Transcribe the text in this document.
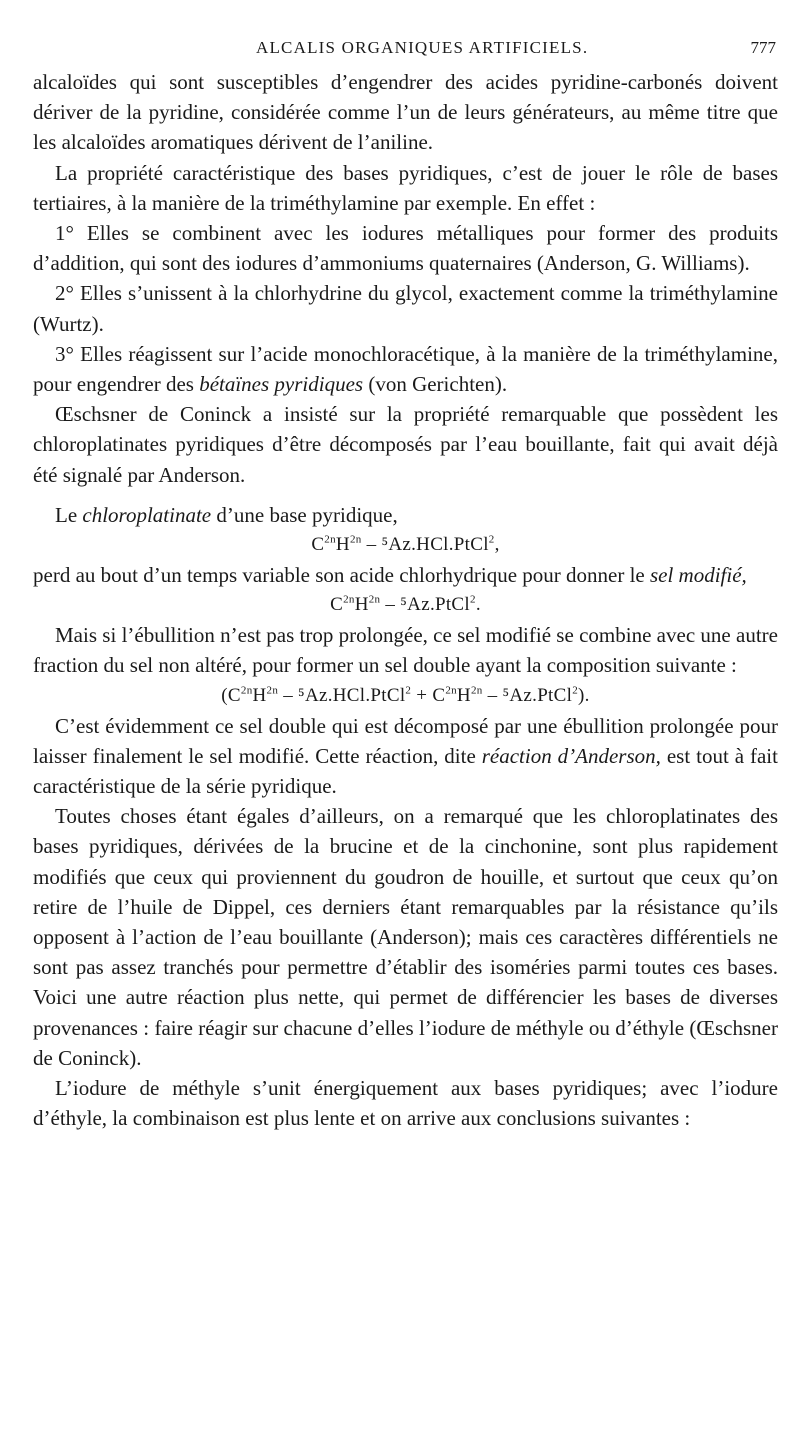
ALCALIS ORGANIQUES ARTIFICIELS.	777

alcaloïdes qui sont susceptibles d’engendrer des acides pyridine-carbonés doivent dériver de la pyridine, considérée comme l’un de leurs générateurs, au même titre que les alcaloïdes aromatiques dérivent de l’aniline.

La propriété caractéristique des bases pyridiques, c’est de jouer le rôle de bases tertiaires, à la manière de la triméthylamine par exemple. En effet :

1° Elles se combinent avec les iodures métalliques pour former des produits d’addition, qui sont des iodures d’ammoniums quaternaires (Anderson, G. Williams).

2° Elles s’unissent à la chlorhydrine du glycol, exactement comme la triméthylamine (Wurtz).

3° Elles réagissent sur l’acide monochloracétique, à la manière de la triméthylamine, pour engendrer des bétaïnes pyridiques (von Gerichten).

Œschsner de Coninck a insisté sur la propriété remarquable que possèdent les chloroplatinates pyridiques d’être décomposés par l’eau bouillante, fait qui avait déjà été signalé par Anderson.

Le chloroplatinate d’une base pyridique,

$C^{2n}H^{2n}$ – ⁵Az.HCl.PtCl$^2$,

perd au bout d’un temps variable son acide chlorhydrique pour donner le sel modifié,

$C^{2n}H^{2n}$ – ⁵Az.PtCl$^2$.

Mais si l’ébullition n’est pas trop prolongée, ce sel modifié se combine avec une autre fraction du sel non altéré, pour former un sel double ayant la composition suivante :

($C^{2n}H^{2n}$ – ⁵Az.HCl.PtCl$^2$ + $C^{2n}H^{2n}$ – ⁵Az.PtCl$^2$).

C’est évidemment ce sel double qui est décomposé par une ébullition prolongée pour laisser finalement le sel modifié. Cette réaction, dite réaction d’Anderson, est tout à fait caractéristique de la série pyridique.

Toutes choses étant égales d’ailleurs, on a remarqué que les chloroplatinates des bases pyridiques, dérivées de la brucine et de la cinchonine, sont plus rapidement modifiés que ceux qui proviennent du goudron de houille, et surtout que ceux qu’on retire de l’huile de Dippel, ces derniers étant remarquables par la résistance qu’ils opposent à l’action de l’eau bouillante (Anderson); mais ces caractères différentiels ne sont pas assez tranchés pour permettre d’établir des isoméries parmi toutes ces bases. Voici une autre réaction plus nette, qui permet de différencier les bases de diverses provenances : faire réagir sur chacune d’elles l’iodure de méthyle ou d’éthyle (Œschsner de Coninck).

L’iodure de méthyle s’unit énergiquement aux bases pyridiques; avec l’iodure d’éthyle, la combinaison est plus lente et on arrive aux conclusions suivantes :
